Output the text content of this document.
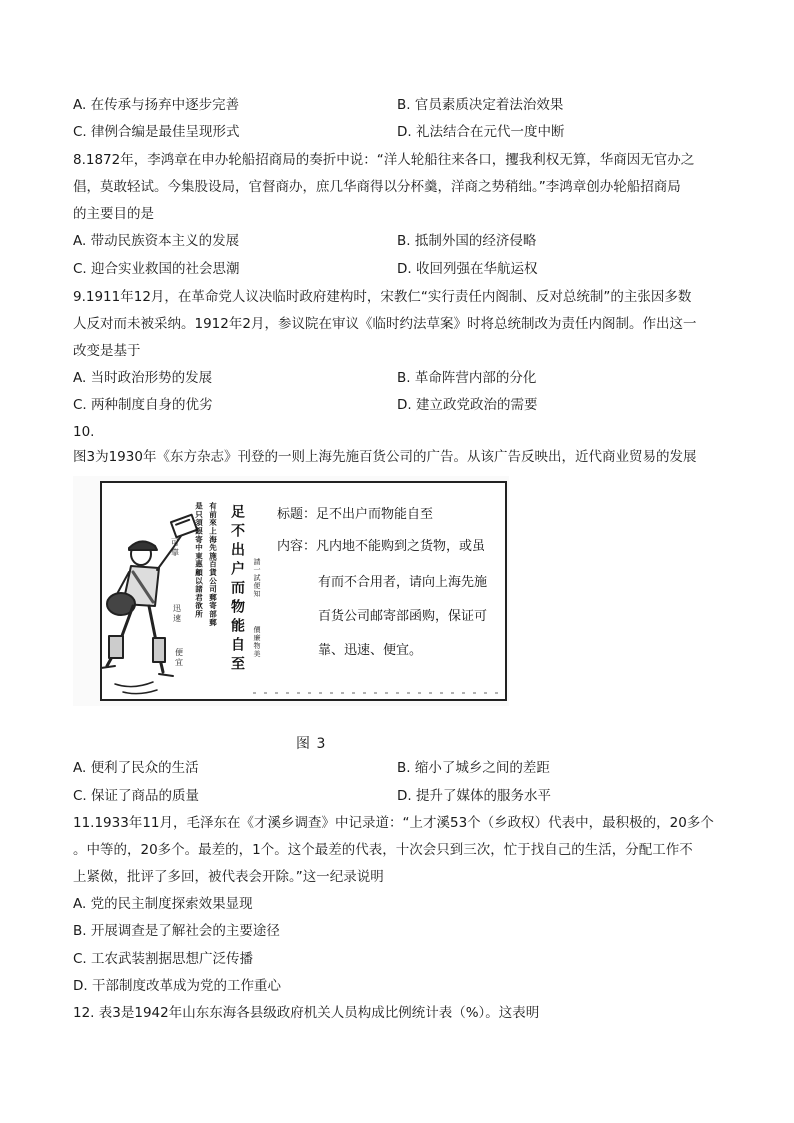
A. 在传承与扬弃中逐步完善	B. 官员素质决定着法治效果
C. 律例合编是最佳呈现形式	D. 礼法结合在元代一度中断
8.1872年，李鸿章在申办轮船招商局的奏折中说：“洋人轮船往来各口，攫我利权无算，华商因无官办之
倡，莫敢轻试。今集股设局，官督商办，庶几华商得以分杯羹，洋商之势稍绌。”李鸿章创办轮船招商局
的主要目的是
A. 带动民族资本主义的发展	B. 抵制外国的经济侵略
C. 迎合实业救国的社会思潮	D. 收回列强在华航运权
9.1911年12月，在革命党人议决临时政府建构时，宋教仁“实行责任内阁制、反对总统制”的主张因多数
人反对而未被采纳。1912年2月，参议院在审议《临时约法草案》时将总统制改为责任内阁制。作出这一
改变是基于
A. 当时政治形势的发展	B. 革命阵营内部的分化
C. 两种制度自身的优劣	D. 建立政党政治的需要
10.
图3为1930年《东方杂志》刊登的一则上海先施百货公司的广告。从该广告反映出，近代商业贸易的发展
可靠
迅速
便宜
是只須銀寄中東惠顧以諸君欲所 有前來上海先施百貨公司郵寄部郵	請一試便知
價廉物美
足不出户而物能自至 标题：足不出户而物能自至
内容：凡内地不能购到之货物，或虽
有而不合用者，请向上海先施
百货公司邮寄部函购，保证可
靠、迅速、便宜。
图 3
A. 便利了民众的生活	B. 缩小了城乡之间的差距
C. 保证了商品的质量	D. 提升了媒体的服务水平
11.1933年11月，毛泽东在《才溪乡调查》中记录道：“上才溪53个（乡政权）代表中，最积极的，20多个
。中等的，20多个。最差的，1个。这个最差的代表，十次会只到三次，忙于找自己的生活，分配工作不
上紧傚，批评了多回，被代表会开除。”这一纪录说明
A. 党的民主制度探索效果显现
B. 开展调查是了解社会的主要途径
C. 工农武装割据思想广泛传播
D. 干部制度改革成为党的工作重心
12. 表3是1942年山东东海各县级政府机关人员构成比例统计表（%）。这表明
